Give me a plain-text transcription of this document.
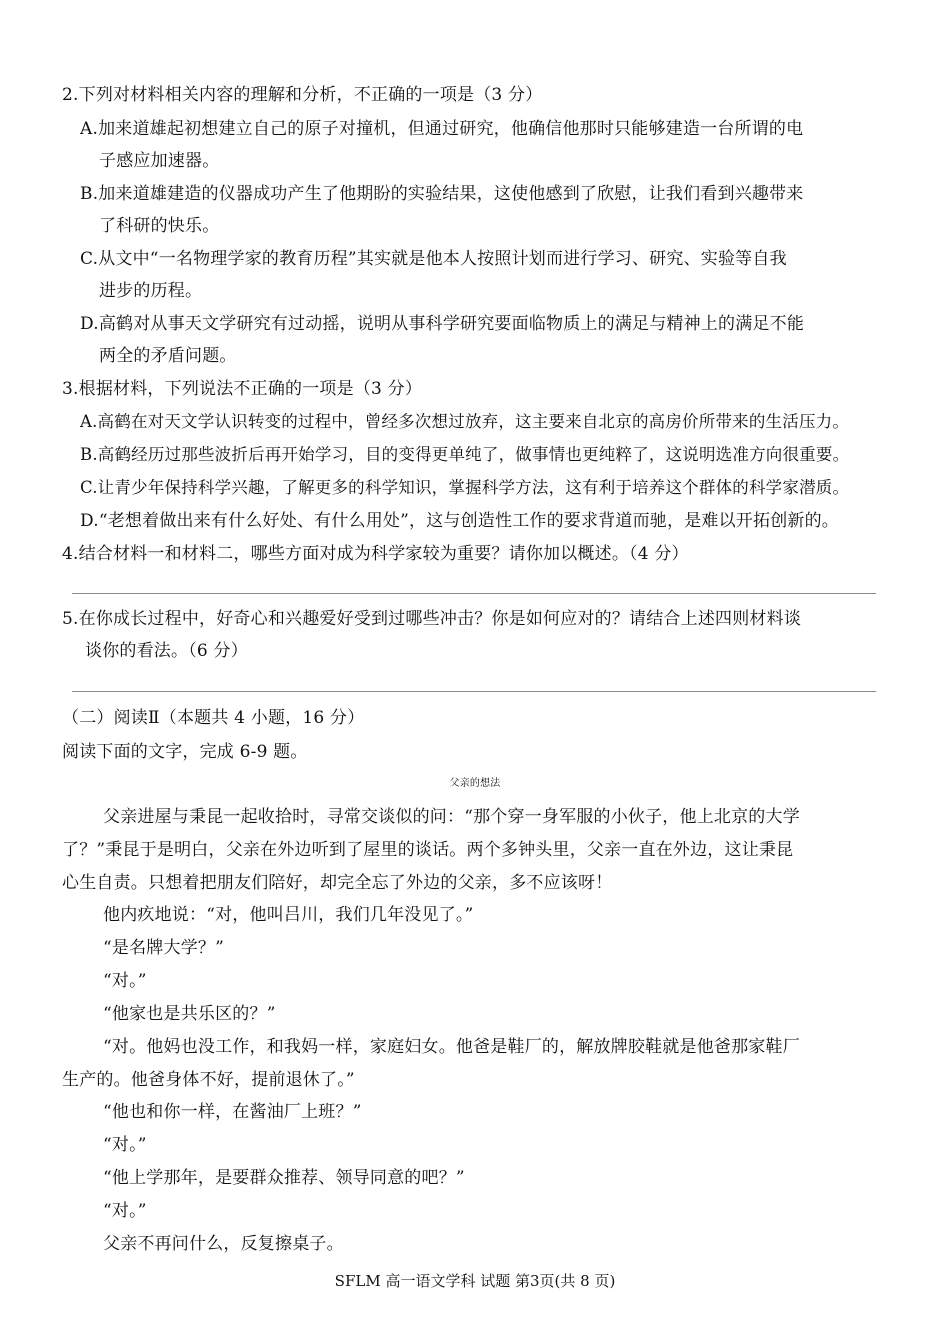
2.下列对材料相关内容的理解和分析，不正确的一项是（3 分）
A.加来道雄起初想建立自己的原子对撞机，但通过研究，他确信他那时只能够建造一台所谓的电
子感应加速器。
B.加来道雄建造的仪器成功产生了他期盼的实验结果，这使他感到了欣慰，让我们看到兴趣带来
了科研的快乐。
C.从文中“一名物理学家的教育历程”其实就是他本人按照计划而进行学习、研究、实验等自我
进步的历程。
D.高鹤对从事天文学研究有过动摇，说明从事科学研究要面临物质上的满足与精神上的满足不能
两全的矛盾问题。
3.根据材料，下列说法不正确的一项是（3 分）
A.高鹤在对天文学认识转变的过程中，曾经多次想过放弃，这主要来自北京的高房价所带来的生活压力。
B.高鹤经历过那些波折后再开始学习，目的变得更单纯了，做事情也更纯粹了，这说明选准方向很重要。
C.让青少年保持科学兴趣，了解更多的科学知识，掌握科学方法，这有利于培养这个群体的科学家潜质。
D.“老想着做出来有什么好处、有什么用处”，这与创造性工作的要求背道而驰，是难以开拓创新的。
4.结合材料一和材料二，哪些方面对成为科学家较为重要？请你加以概述。（4 分）
5.在你成长过程中，好奇心和兴趣爱好受到过哪些冲击？你是如何应对的？请结合上述四则材料谈
谈你的看法。（6 分）
（二）阅读Ⅱ（本题共 4 小题，16 分）
阅读下面的文字，完成 6-9 题。
父亲的想法
父亲进屋与秉昆一起收拾时，寻常交谈似的问：“那个穿一身军服的小伙子，他上北京的大学
了？”秉昆于是明白，父亲在外边听到了屋里的谈话。两个多钟头里，父亲一直在外边，这让秉昆
心生自责。只想着把朋友们陪好，却完全忘了外边的父亲，多不应该呀！
他内疚地说：“对，他叫吕川，我们几年没见了。”
“是名牌大学？”
“对。”
“他家也是共乐区的？”
“对。他妈也没工作，和我妈一样，家庭妇女。他爸是鞋厂的，解放牌胶鞋就是他爸那家鞋厂
生产的。他爸身体不好，提前退休了。”
“他也和你一样，在酱油厂上班？”
“对。”
“他上学那年，是要群众推荐、领导同意的吧？”
“对。”
父亲不再问什么，反复擦桌子。
SFLM 高一语文学科 试题 第3页(共 8 页)
